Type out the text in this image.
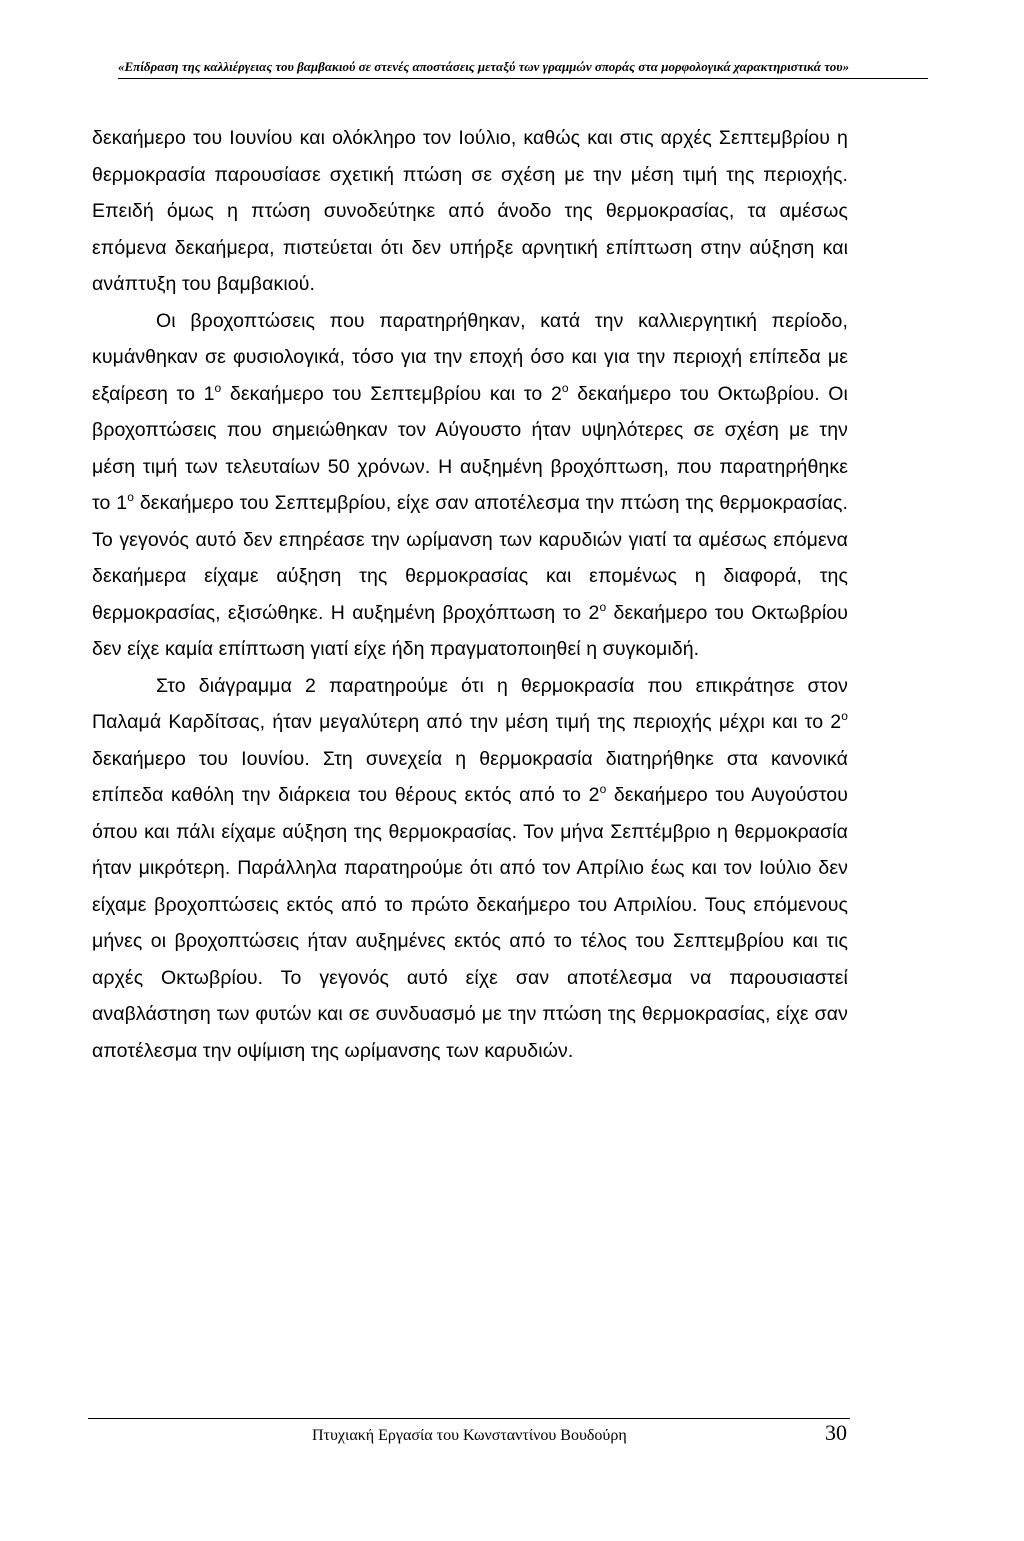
«Επίδραση της καλλιέργειας του βαμβακιού σε στενές αποστάσεις μεταξύ των γραμμών σποράς στα μορφολογικά χαρακτηριστικά του»

δεκαήμερο του Ιουνίου και ολόκληρο τον Ιούλιο, καθώς και στις αρχές Σεπτεμβρίου η θερμοκρασία παρουσίασε σχετική πτώση σε σχέση με την μέση τιμή της περιοχής. Επειδή όμως η πτώση συνοδεύτηκε από άνοδο της θερμοκρασίας, τα αμέσως επόμενα δεκαήμερα, πιστεύεται ότι δεν υπήρξε αρνητική επίπτωση στην αύξηση και ανάπτυξη του βαμβακιού.

Οι βροχοπτώσεις που παρατηρήθηκαν, κατά την καλλιεργητική περίοδο, κυμάνθηκαν σε φυσιολογικά, τόσο για την εποχή όσο και για την περιοχή επίπεδα με εξαίρεση το $1^o$ δεκαήμερο του Σεπτεμβρίου και το $2^o$ δεκαήμερο του Οκτωβρίου. Οι βροχοπτώσεις που σημειώθηκαν τον Αύγουστο ήταν υψηλότερες σε σχέση με την μέση τιμή των τελευταίων 50 χρόνων. Η αυξημένη βροχόπτωση, που παρατηρήθηκε το $1^o$ δεκαήμερο του Σεπτεμβρίου, είχε σαν αποτέλεσμα την πτώση της θερμοκρασίας. Το γεγονός αυτό δεν επηρέασε την ωρίμανση των καρυδιών γιατί τα αμέσως επόμενα δεκαήμερα είχαμε αύξηση της θερμοκρασίας και επομένως η διαφορά, της θερμοκρασίας, εξισώθηκε. Η αυξημένη βροχόπτωση το $2^o$ δεκαήμερο του Οκτωβρίου δεν είχε καμία επίπτωση γιατί είχε ήδη πραγματοποιηθεί η συγκομιδή.

Στο διάγραμμα 2 παρατηρούμε ότι η θερμοκρασία που επικράτησε στον Παλαμά Καρδίτσας, ήταν μεγαλύτερη από την μέση τιμή της περιοχής μέχρι και το $2^o$ δεκαήμερο του Ιουνίου. Στη συνεχεία η θερμοκρασία διατηρήθηκε στα κανονικά επίπεδα καθόλη την διάρκεια του θέρους εκτός από το $2^o$ δεκαήμερο του Αυγούστου όπου και πάλι είχαμε αύξηση της θερμοκρασίας. Τον μήνα Σεπτέμβριο η θερμοκρασία ήταν μικρότερη. Παράλληλα παρατηρούμε ότι από τον Απρίλιο έως και τον Ιούλιο δεν είχαμε βροχοπτώσεις εκτός από το πρώτο δεκαήμερο του Απριλίου. Τους επόμενους μήνες οι βροχοπτώσεις ήταν αυξημένες εκτός από το τέλος του Σεπτεμβρίου και τις αρχές Οκτωβρίου. Το γεγονός αυτό είχε σαν αποτέλεσμα να παρουσιαστεί αναβλάστηση των φυτών και σε συνδυασμό με την πτώση της θερμοκρασίας, είχε σαν αποτέλεσμα την οψίμιση της ωρίμανσης των καρυδιών.

Πτυχιακή Εργασία του Κωνσταντίνου Βουδούρη	30
